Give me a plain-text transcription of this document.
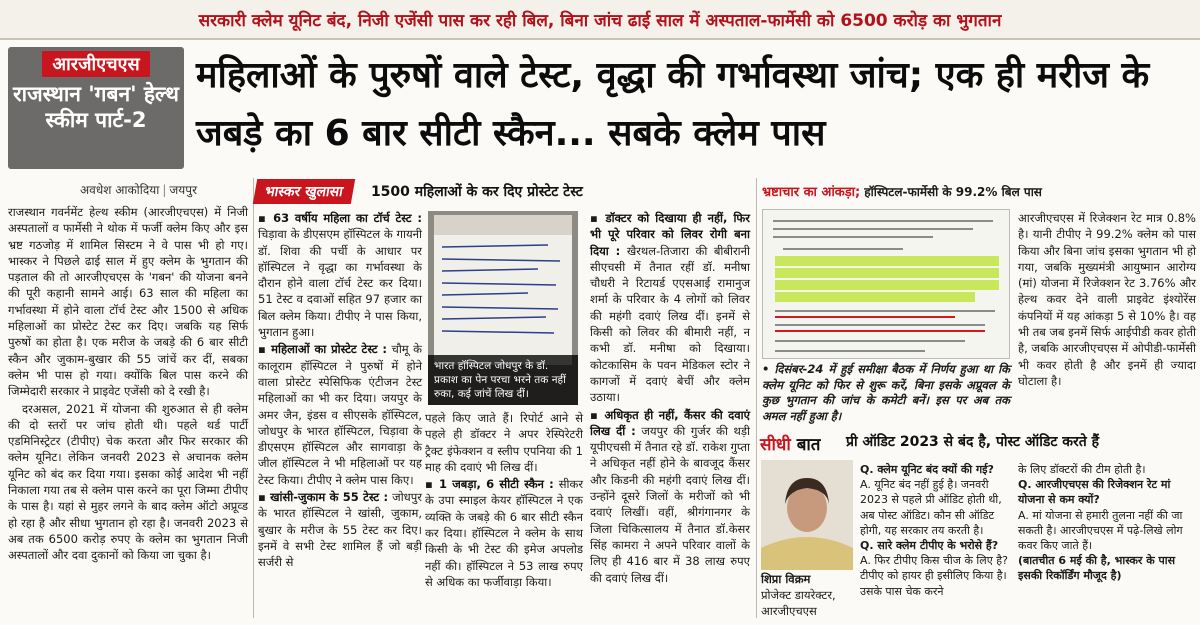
सरकारी क्लेम यूनिट बंद, निजी एजेंसी पास कर रही बिल, बिना जांच ढाई साल में अस्पताल-फार्मेसी को 6500 करोड़ का भुगतान
आरजीएचएस
राजस्थान 'गबन' हेल्थ स्कीम पार्ट-2
महिलाओं के पुरुषों वाले टेस्ट, वृद्धा की गर्भावस्था जांच; एक ही मरीज के जबड़े का 6 बार सीटी स्कैन... सबके क्लेम पास
अवधेश आकोदिया | जयपुर

राजस्थान गवर्नमेंट हेल्थ स्कीम (आरजीएचएस) में निजी अस्पतालों व फार्मेसी ने थोक में फर्जी क्लेम किए और इस भ्रष्ट गठजोड़ में शामिल सिस्टम ने वे पास भी हो गए। भास्कर ने पिछले ढाई साल में हुए क्लेम के भुगतान की पड़ताल की तो आरजीएचएस के 'गबन' की योजना बनने की पूरी कहानी सामने आई। 63 साल की महिला का गर्भावस्था में होने वाला टॉर्च टेस्ट और 1500 से अधिक महिलाओं का प्रोस्टेट टेस्ट कर दिए। जबकि यह सिर्फ पुरुषों का होता है। एक मरीज के जबड़े की 6 बार सीटी स्कैन और जुकाम-बुखार की 55 जांचें कर दीं, सबका क्लेम भी पास हो गया। क्योंकि बिल पास करने की जिम्मेदारी सरकार ने प्राइवेट एजेंसी को दे रखी है।

दरअसल, 2021 में योजना की शुरुआत से ही क्लेम की दो स्तरों पर जांच होती थी। पहले थर्ड पार्टी एडमिनिस्ट्रेटर (टीपीए) चेक करता और फिर सरकार की क्लेम यूनिट। लेकिन जनवरी 2023 से अचानक क्लेम यूनिट को बंद कर दिया गया। इसका कोई आदेश भी नहीं निकाला गया तब से क्लेम पास करने का पूरा जिम्मा टीपीए के पास है। यहां से मुहर लगने के बाद क्लेम ऑटो अप्रूव्ड हो रहा है और सीधा भुगतान हो रहा है। जनवरी 2023 से अब तक 6500 करोड़ रुपए के क्लेम का भुगतान निजी अस्पतालों और दवा दुकानों को किया जा चुका है।

भास्कर खुलासा	1500 महिलाओं के कर दिए प्रोस्टेट टेस्ट

▪ 63 वर्षीय महिला का टॉर्च टेस्ट : चिड़ावा के डीएसएम हॉस्पिटल के गायनी डॉ. शिवा की पर्ची के आधार पर हॉस्पिटल ने वृद्धा का गर्भावस्था के दौरान होने वाला टॉर्च टेस्ट कर दिया। 51 टेस्ट व दवाओं सहित 97 हजार का बिल क्लेम किया। टीपीए ने पास किया, भुगतान हुआ।

▪ महिलाओं का प्रोस्टेट टेस्ट : चौमू के कालूराम हॉस्पिटल ने पुरुषों में होने वाला प्रोस्टेट स्पेसिफिक एंटीजन टेस्ट महिलाओं का भी कर दिया। जयपुर के अमर जैन, इंडस व सीएसके हॉस्पिटल, जोधपुर के भारत हॉस्पिटल, चिड़ावा के डीएसएम हॉस्पिटल और सागवाड़ा के जील हॉस्पिटल ने भी महिलाओं पर यह टेस्ट किया। टीपीए ने क्लेम पास किए।

▪ खांसी-जुकाम के 55 टेस्ट : जोधपुर के भारत हॉस्पिटल ने खांसी, जुकाम, बुखार के मरीज के 55 टेस्ट कर दिए। इनमें वे सभी टेस्ट शामिल हैं जो बड़ी सर्जरी से

भारत हॉस्पिटल जोधपुर के डॉ. प्रकाश का पेन परचा भरने तक नहीं रुका, कई जांचें लिख दीं।

पहले किए जाते हैं। रिपोर्ट आने से पहले ही डॉक्टर ने अपर रेस्पिरेटरी ट्रैक्ट इंफेक्शन व स्लीप एपनिया की 1 माह की दवाएं भी लिख दीं।

▪ 1 जबड़ा, 6 सीटी स्कैन : सीकर के उपा स्माइल केयर हॉस्पिटल ने एक व्यक्ति के जबड़े की 6 बार सीटी स्कैन कर दिया। हॉस्पिटल ने क्लेम के साथ किसी के भी टेस्ट की इमेज अपलोड नहीं की। हॉस्पिटल ने 53 लाख रुपए से अधिक का फर्जीवाड़ा किया।

▪ डॉक्टर को दिखाया ही नहीं, फिर भी पूरे परिवार को लिवर रोगी बना दिया : खैरथल-तिजारा की बीबीरानी सीएचसी में तैनात रहीं डॉ. मनीषा चौधरी ने रिटायर्ड एएसआई रामानुज शर्मा के परिवार के 4 लोगों को लिवर की महंगी दवाएं लिख दीं। इनमें से किसी को लिवर की बीमारी नहीं, न कभी डॉ. मनीषा को दिखाया। कोटकासिम के पवन मेडिकल स्टोर ने कागजों में दवाएं बेचीं और क्लेम उठाया।

▪ अधिकृत ही नहीं, कैंसर की दवाएं लिख दीं : जयपुर की गुर्जर की थड़ी यूपीएचसी में तैनात रहे डॉ. राकेश गुप्ता ने अधिकृत नहीं होने के बावजूद कैंसर और किडनी की महंगी दवाएं लिख दीं। उन्होंने दूसरे जिलों के मरीजों को भी दवाएं लिखीं। वहीं, श्रीगंगानगर के जिला चिकित्सालय में तैनात डॉ.केसर सिंह कामरा ने अपने परिवार वालों के लिए ही 416 बार में 38 लाख रुपए की दवाएं लिख दीं।

भ्रष्टाचार का आंकड़ा; हॉस्पिटल-फार्मेसी के 99.2% बिल पास
• दिसंबर-24 में हुई समीक्षा बैठक में निर्णय हुआ था कि क्लेम यूनिट को फिर से शुरू करें, बिना इसके अप्रूवल के कुछ भुगतान की जांच के कमेटी बनें। इस पर अब तक अमल नहीं हुआ है।

आरजीएचएस में रिजेक्शन रेट मात्र 0.8% है। यानी टीपीए ने 99.2% क्लेम को पास किया और बिना जांच इसका भुगतान भी हो गया, जबकि मुख्यमंत्री आयुष्मान आरोग्य (मां) योजना में रिजेक्शन रेट 3.76% और हेल्थ कवर देने वाली प्राइवेट इंश्योरेंस कंपनियों में यह आंकड़ा 5 से 10% है। वह भी तब जब इनमें सिर्फ आईपीडी कवर होती है, जबकि आरजीएचएस में ओपीडी-फार्मेसी भी कवर होती है और इनमें ही ज्यादा घोटाला है।

सीधी बात प्री ऑडिट 2023 से बंद है, पोस्ट ऑडिट करते हैं
शिप्रा विक्रम
प्रोजेक्ट डायरेक्टर, आरजीएचएस
Q. क्लेम यूनिट बंद क्यों की गई?
A. यूनिट बंद नहीं हुई है। जनवरी 2023 से पहले प्री ऑडिट होती थी, अब पोस्ट ऑडिट। कौन सी ऑडिट होगी, यह सरकार तय करती है।
Q. सारे क्लेम टीपीए के भरोसे हैं?
A. फिर टीपीए किस चीज के लिए है? टीपीए को हायर ही इसीलिए किया है। उसके पास चेक करने
के लिए डॉक्टरों की टीम होती है।
Q. आरजीएचएस की रिजेक्शन रेट मां योजना से कम क्यों?
A. मां योजना से हमारी तुलना नहीं की जा सकती है। आरजीएचएस में पढ़े-लिखे लोग कवर किए जाते हैं।
(बातचीत 6 मई की है, भास्कर के पास इसकी रिकॉर्डिंग मौजूद है)
